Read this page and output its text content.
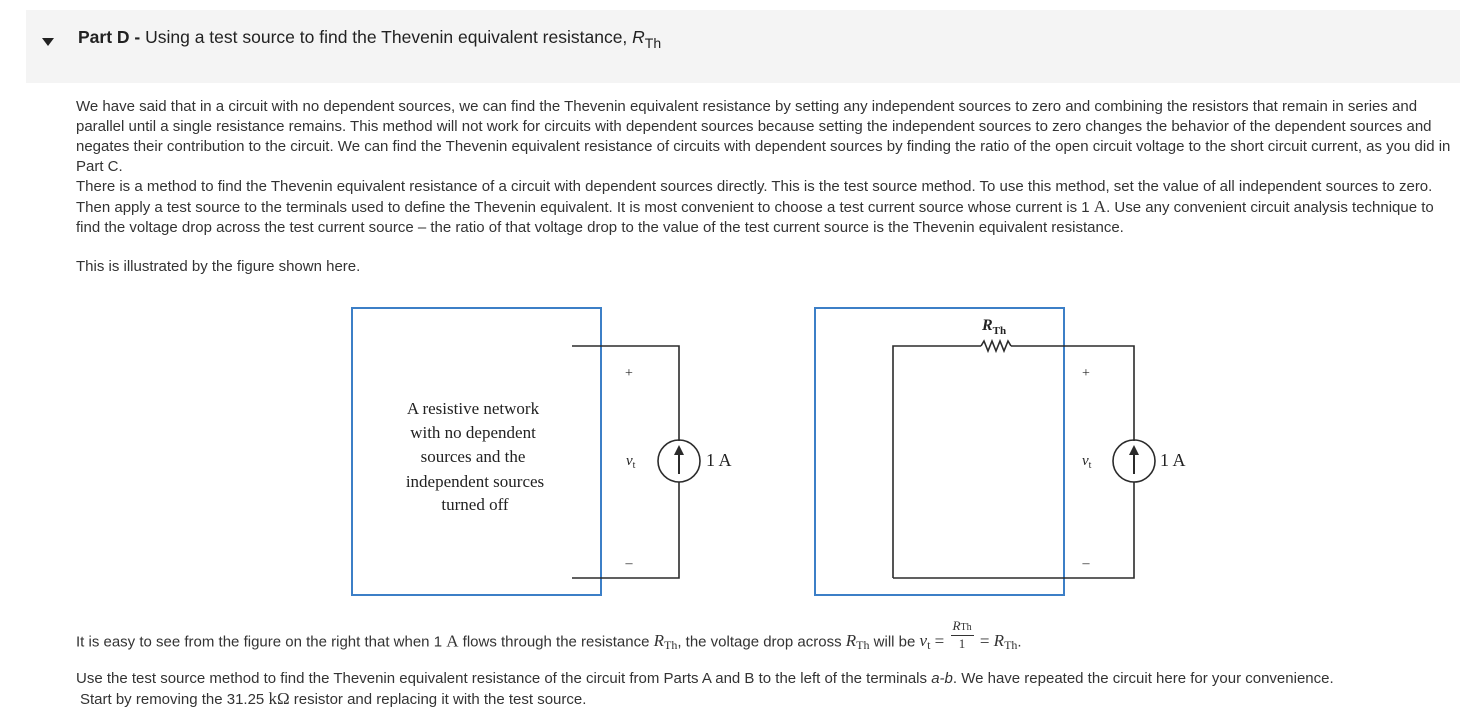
Part D - Using a test source to find the Thevenin equivalent resistance, $R_{Th}$
We have said that in a circuit with no dependent sources, we can find the Thevenin equivalent resistance by setting any independent sources to zero and combining the resistors that remain in series and parallel until a single resistance remains. This method will not work for circuits with dependent sources because setting the independent sources to zero changes the behavior of the dependent sources and negates their contribution to the circuit. We can find the Thevenin equivalent resistance of circuits with dependent sources by finding the ratio of the open circuit voltage to the short circuit current, as you did in Part C.
There is a method to find the Thevenin equivalent resistance of a circuit with dependent sources directly. This is the test source method. To use this method, set the value of all independent sources to zero. Then apply a test source to the terminals used to define the Thevenin equivalent. It is most convenient to choose a test current source whose current is 1 A. Use any convenient circuit analysis technique to find the voltage drop across the test current source – the ratio of that voltage drop to the value of the test current source is the Thevenin equivalent resistance.
This is illustrated by the figure shown here.
A resistive network
with no dependent
sources and the
independent sources
turned off
+
$v_t$
–
1 A
$R_{Th}$
+
$v_t$
–
1 A
It is easy to see from the figure on the right that when 1 A flows through the resistance RTh, the voltage drop across RTh will be vt = $\frac{\text{RTh}}{1}$ = RTh.
Use the test source method to find the Thevenin equivalent resistance of the circuit from Parts A and B to the left of the terminals a-b. We have repeated the circuit here for your convenience.
Start by removing the 31.25 kΩ resistor and replacing it with the test source.
